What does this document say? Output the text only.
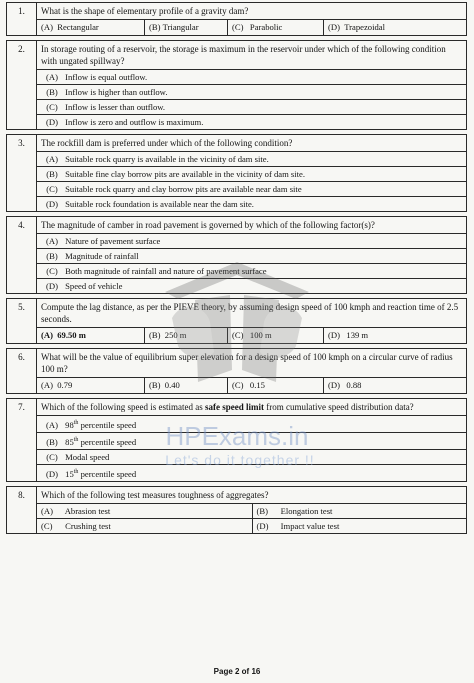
1.	What is the shape of elementary profile of a gravity dam?
(A) Rectangular	(B) Triangular	(C) Parabolic	(D) Trapezoidal
2.	In storage routing of a reservoir, the storage is maximum in the reservoir under which of the following condition with ungated spillway?
(A) Inflow is equal outflow.
(B) Inflow is higher than outflow.
(C) Inflow is lesser than outflow.
(D) Inflow is zero and outflow is maximum.
3.	The rockfill dam is preferred under which of the following condition?
(A) Suitable rock quarry is available in the vicinity of dam site.
(B) Suitable fine clay borrow pits are available in the vicinity of dam site.
(C) Suitable rock quarry and clay borrow pits are available near dam site
(D) Suitable rock foundation is available near the dam site.
4.	The magnitude of camber in road pavement is governed by which of the following factor(s)?
(A) Nature of pavement surface
(B) Magnitude of rainfall
(C) Both magnitude of rainfall and nature of pavement surface
(D) Speed of vehicle
5.	Compute the lag distance, as per the PIEVE theory, by assuming design speed of 100 kmph and reaction time of 2.5 seconds.
(A) 69.50 m	(B) 250 m	(C) 100 m	(D) 139 m
6.	What will be the value of equilibrium super elevation for a design speed of 100 kmph on a circular curve of radius 100 m?
(A) 0.79	(B) 0.40	(C) 0.15	(D) 0.88
7.	Which of the following speed is estimated as safe speed limit from cumulative speed distribution data?
(A) 98th percentile speed
(B) 85th percentile speed
(C) Modal speed
(D) 15th percentile speed
8.	Which of the following test measures toughness of aggregates?
(A) Abrasion test	(B) Elongation test
(C) Crushing test	(D) Impact value test
HPExams.in
Let's do it together !!
Page 2 of 16
